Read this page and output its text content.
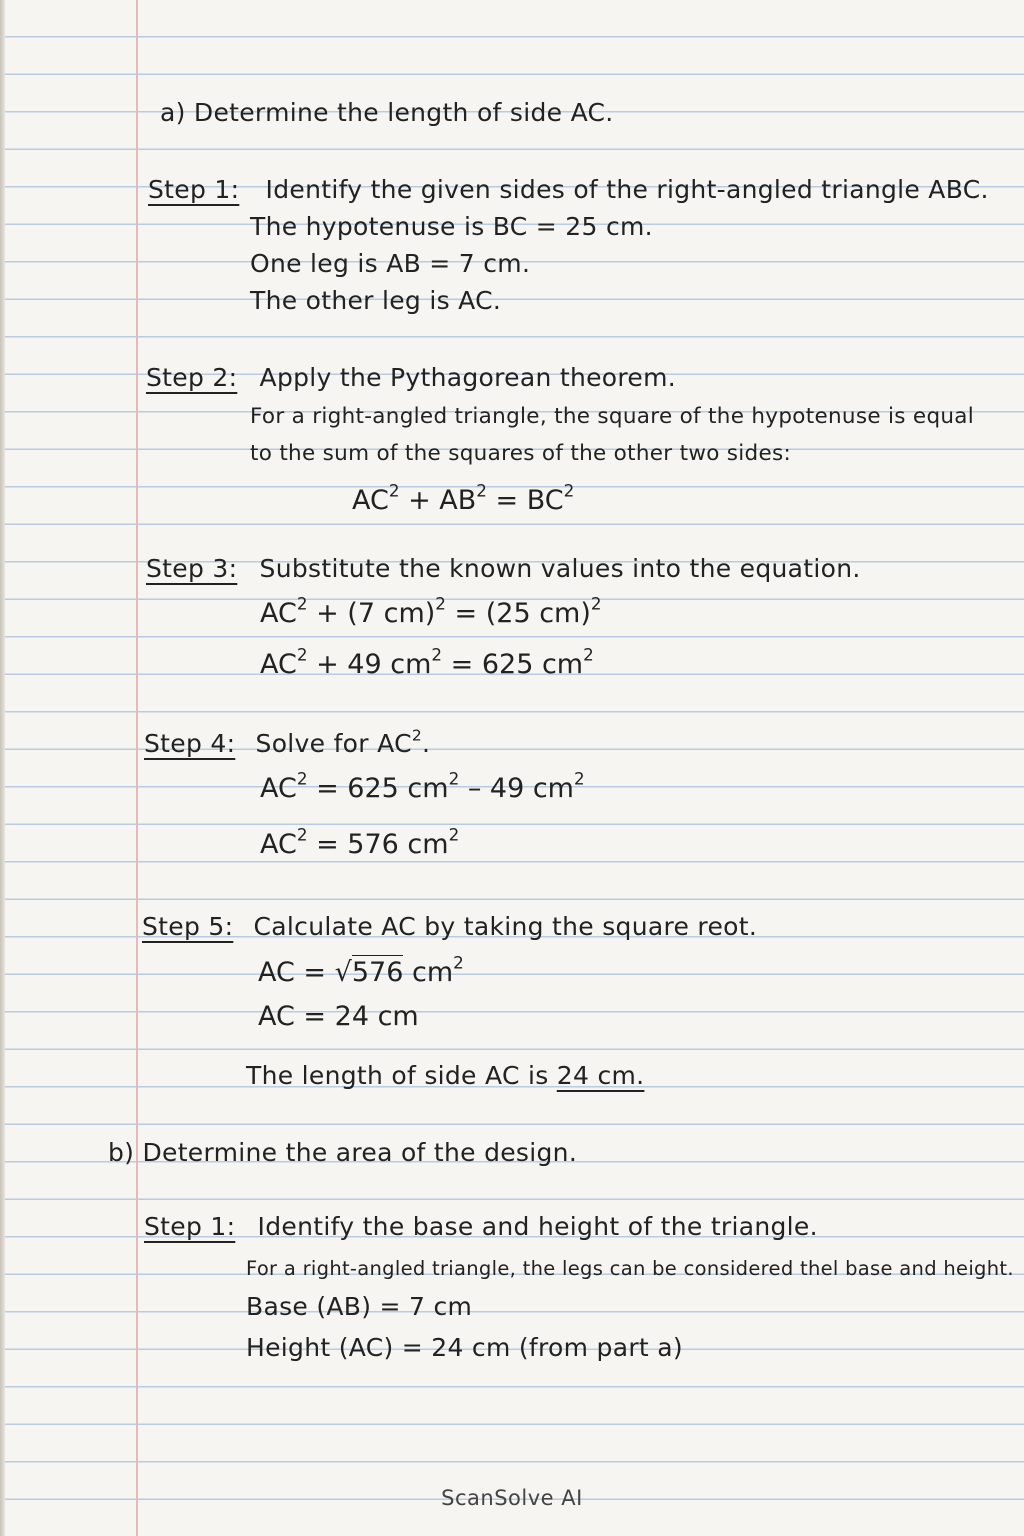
a) Determine the length of side AC.
Step 1: Identify the given sides of the right-angled triangle ABC.
The hypotenuse is BC = 25 cm.
One leg is AB = 7 cm.
The other leg is AC.
Step 2: Apply the Pythagorean theorem.
For a right-angled triangle, the square of the hypotenuse is equal
to the sum of the squares of the other two sides:
$AC^2 + AB^2 = BC^2$
Step 3: Substitute the known values into the equation.
$AC^2 + (7$ cm)$^2$ = (25 cm)$^2$
$AC^2 + 49$ $cm^2 = 625$ $cm^2$
Step 4: Solve for $AC^2$.
$AC^2 = 625$ $cm^2 - 49$ $cm^2$
$AC^2 = 576$ $cm^2$
Step 5: Calculate AC by taking the square reot.
AC = √576 $cm^2$
AC = 24 cm
The length of side AC is 24 cm.
b) Determine the area of the design.
Step 1: Identify the base and height of the triangle.
For a right-angled triangle, the legs can be considered thel base and height.
Base (AB) = 7 cm
Height (AC) = 24 cm (from part a)
ScanSolve AI
